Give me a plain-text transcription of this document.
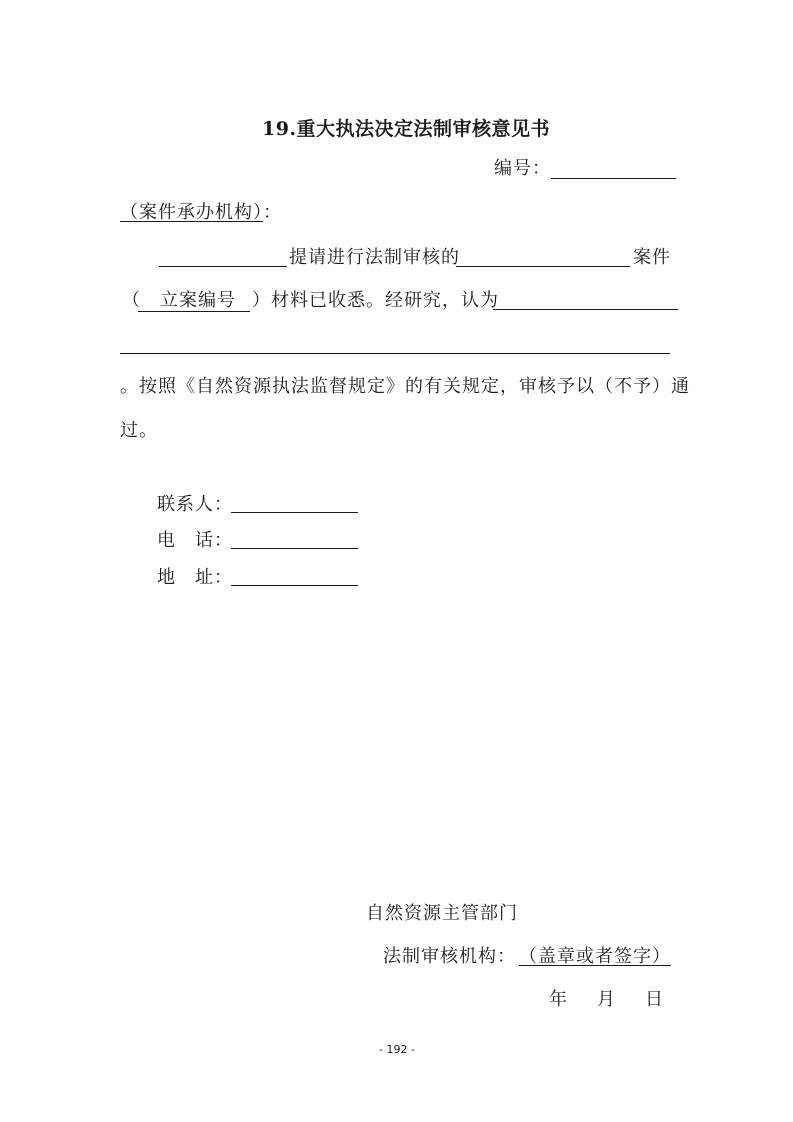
19.重大执法决定法制审核意见书
编号：
（案件承办机构）：
提请进行法制审核的	案件
（ 立案编号 ）材料已收悉。经研究，认为
。按照《自然资源执法监督规定》的有关规定，审核予以（不予）通
过。
联系人：
电　话：
地　址：
自然资源主管部门
法制审核机构： （盖章或者签字）
年　月　日
- 192 -
